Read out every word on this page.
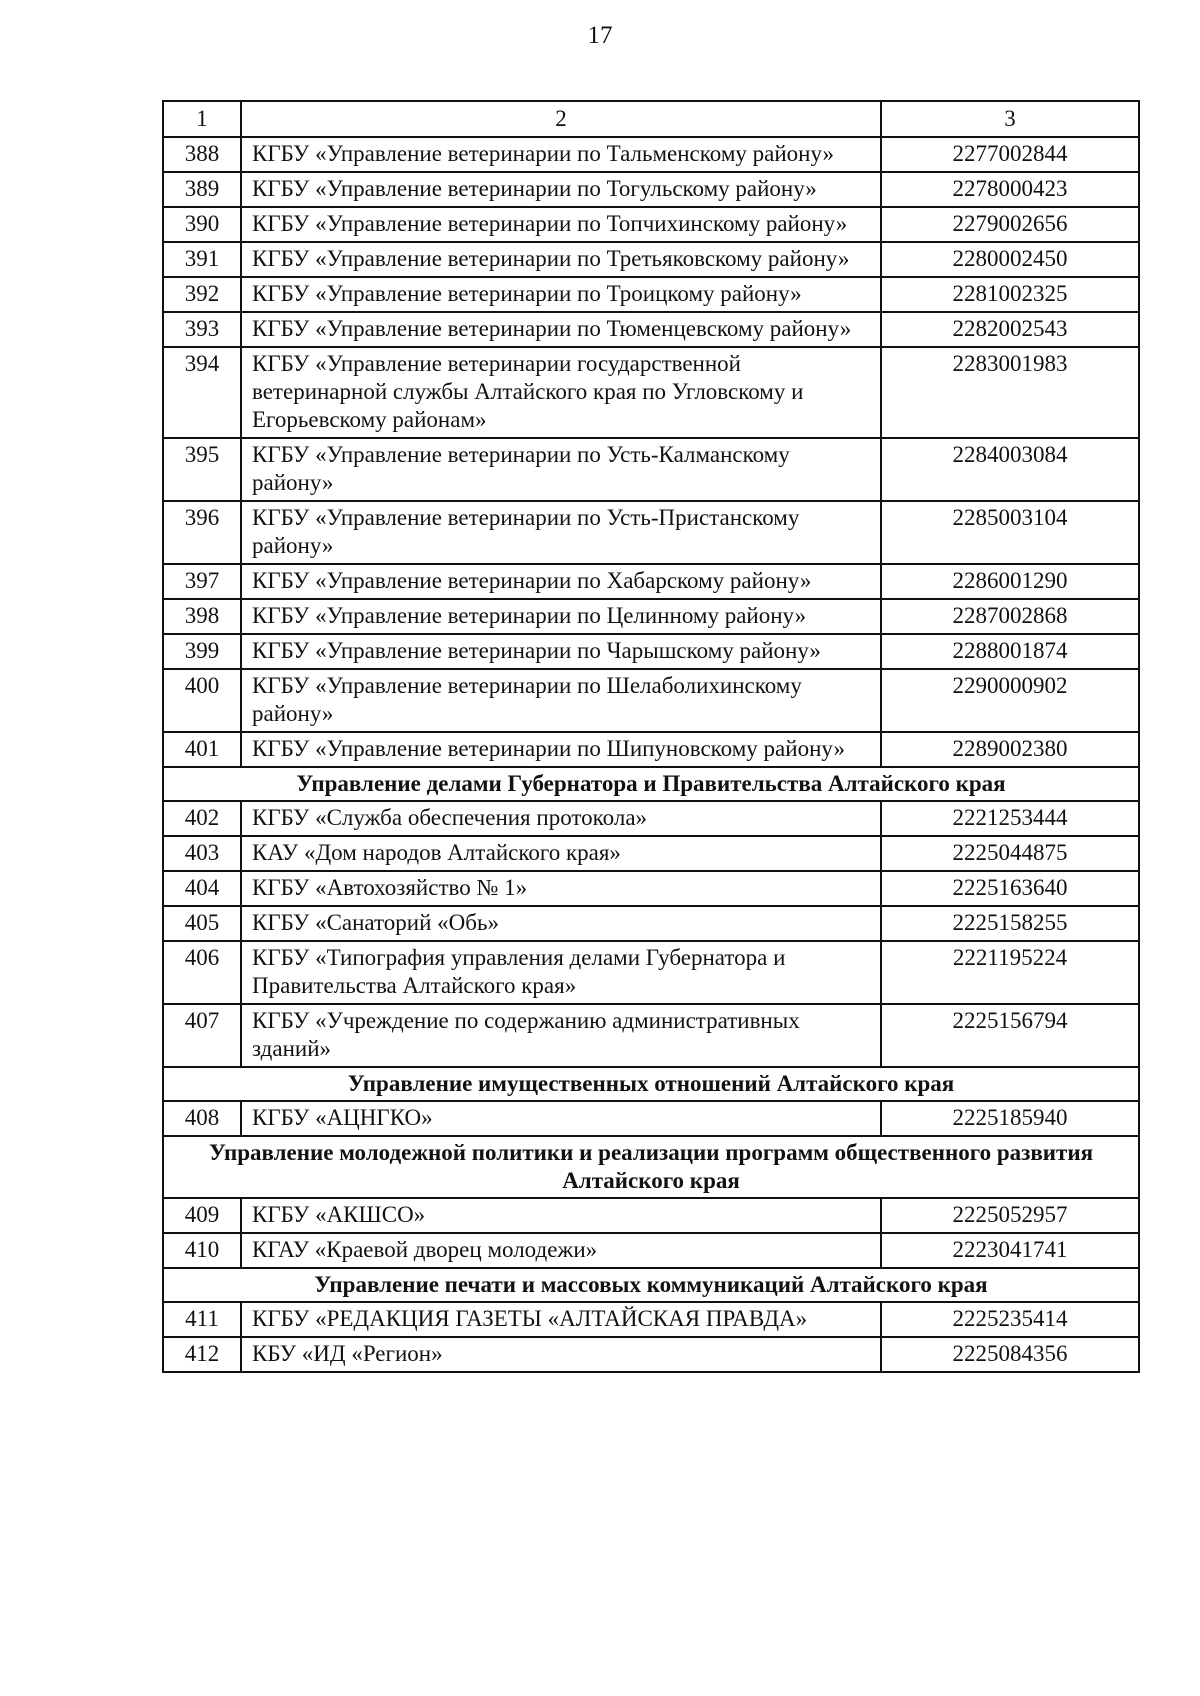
17
1	2	3
388	КГБУ «Управление ветеринарии по Тальменскому району»	2277002844
389	КГБУ «Управление ветеринарии по Тогульскому району»	2278000423
390	КГБУ «Управление ветеринарии по Топчихинскому району»	2279002656
391	КГБУ «Управление ветеринарии по Третьяковскому району»	2280002450
392	КГБУ «Управление ветеринарии по Троицкому району»	2281002325
393	КГБУ «Управление ветеринарии по Тюменцевскому району»	2282002543
394	КГБУ «Управление ветеринарии государственной ветеринарной службы Алтайского края по Угловскому и Егорьевскому районам»	2283001983
395	КГБУ «Управление ветеринарии по Усть-Калманскому району»	2284003084
396	КГБУ «Управление ветеринарии по Усть-Пристанскому району»	2285003104
397	КГБУ «Управление ветеринарии по Хабарскому району»	2286001290
398	КГБУ «Управление ветеринарии по Целинному району»	2287002868
399	КГБУ «Управление ветеринарии по Чарышскому району»	2288001874
400	КГБУ «Управление ветеринарии по Шелаболихинскому району»	2290000902
401	КГБУ «Управление ветеринарии по Шипуновскому району»	2289002380
Управление делами Губернатора и Правительства Алтайского края		
402	КГБУ «Служба обеспечения протокола»	2221253444
403	КАУ «Дом народов Алтайского края»	2225044875
404	КГБУ «Автохозяйство № 1»	2225163640
405	КГБУ «Санаторий «Обь»	2225158255
406	КГБУ «Типография управления делами Губернатора и Правительства Алтайского края»	2221195224
407	КГБУ «Учреждение по содержанию административных зданий»	2225156794
Управление имущественных отношений Алтайского края		
408	КГБУ «АЦНГКО»	2225185940
Управление молодежной политики и реализации программ общественного развития Алтайского края		
409	КГБУ «АКШСО»	2225052957
410	КГАУ «Краевой дворец молодежи»	2223041741
Управление печати и массовых коммуникаций Алтайского края		
411	КГБУ «РЕДАКЦИЯ ГАЗЕТЫ «АЛТАЙСКАЯ ПРАВДА»	2225235414
412	КБУ «ИД «Регион»	2225084356
